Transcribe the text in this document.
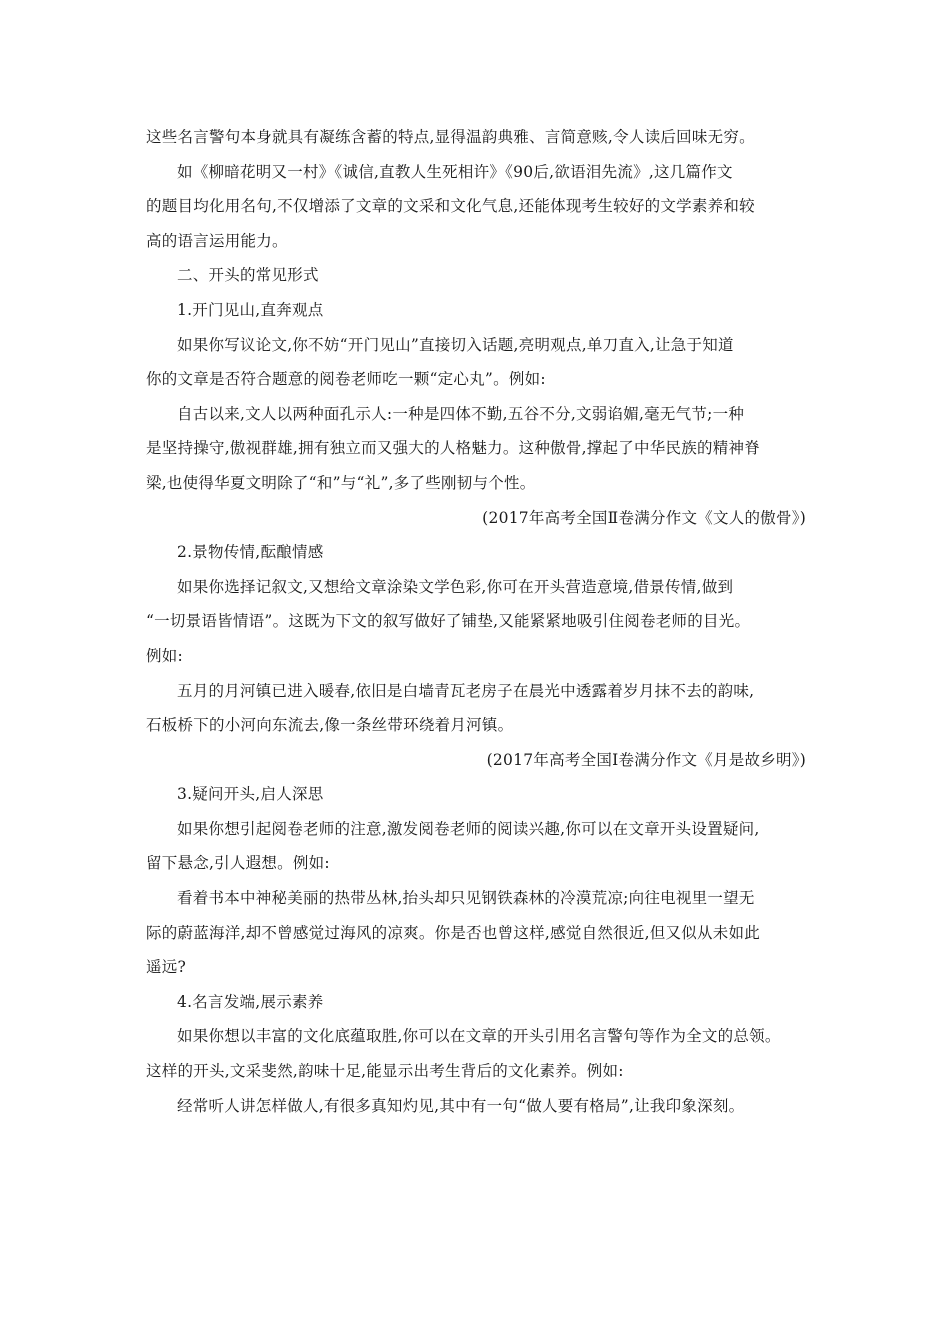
这些名言警句本身就具有凝练含蓄的特点,显得温韵典雅、言简意赅,令人读后回味无穷。
如《柳暗花明又一村》《诚信,直教人生死相许》《90后,欲语泪先流》,这几篇作文
的题目均化用名句,不仅增添了文章的文采和文化气息,还能体现考生较好的文学素养和较
高的语言运用能力。
二、开头的常见形式
1.开门见山,直奔观点
如果你写议论文,你不妨“开门见山”直接切入话题,亮明观点,单刀直入,让急于知道
你的文章是否符合题意的阅卷老师吃一颗“定心丸”。例如:
自古以来,文人以两种面孔示人:一种是四体不勤,五谷不分,文弱谄媚,毫无气节;一种
是坚持操守,傲视群雄,拥有独立而又强大的人格魅力。这种傲骨,撑起了中华民族的精神脊
梁,也使得华夏文明除了“和”与“礼”,多了些刚韧与个性。
(2017年高考全国Ⅱ卷满分作文《文人的傲骨》)
2.景物传情,酝酿情感
如果你选择记叙文,又想给文章涂染文学色彩,你可在开头营造意境,借景传情,做到
“一切景语皆情语”。这既为下文的叙写做好了铺垫,又能紧紧地吸引住阅卷老师的目光。
例如:
五月的月河镇已进入暖春,依旧是白墙青瓦老房子在晨光中透露着岁月抹不去的韵味,
石板桥下的小河向东流去,像一条丝带环绕着月河镇。
(2017年高考全国Ⅰ卷满分作文《月是故乡明》)
3.疑问开头,启人深思
如果你想引起阅卷老师的注意,激发阅卷老师的阅读兴趣,你可以在文章开头设置疑问,
留下悬念,引人遐想。例如:
看着书本中神秘美丽的热带丛林,抬头却只见钢铁森林的冷漠荒凉;向往电视里一望无
际的蔚蓝海洋,却不曾感觉过海风的凉爽。你是否也曾这样,感觉自然很近,但又似从未如此
遥远?
4.名言发端,展示素养
如果你想以丰富的文化底蕴取胜,你可以在文章的开头引用名言警句等作为全文的总领。
这样的开头,文采斐然,韵味十足,能显示出考生背后的文化素养。例如:
经常听人讲怎样做人,有很多真知灼见,其中有一句“做人要有格局”,让我印象深刻。
